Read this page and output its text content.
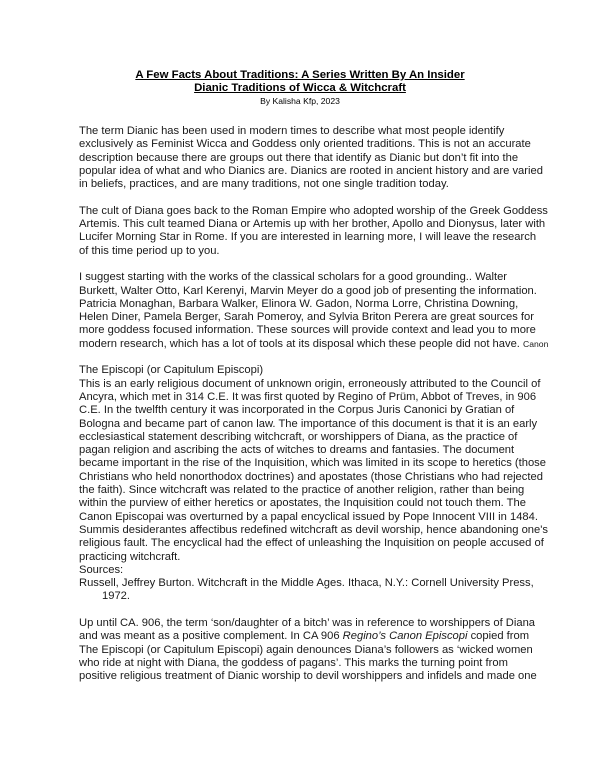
A Few Facts About Traditions: A Series Written By An Insider
Dianic Traditions of Wicca & Witchcraft
By Kalisha Kfp, 2023
The term Dianic has been used in modern times to describe what most people identify
exclusively as Feminist Wicca and Goddess only oriented traditions. This is not an accurate
description because there are groups out there that identify as Dianic but don’t fit into the
popular idea of what and who Dianics are. Dianics are rooted in ancient history and are varied
in beliefs, practices, and are many traditions, not one single tradition today.
The cult of Diana goes back to the Roman Empire who adopted worship of the Greek Goddess
Artemis. This cult teamed Diana or Artemis up with her brother, Apollo and Dionysus, later with
Lucifer Morning Star in Rome. If you are interested in learning more, I will leave the research
of this time period up to you.
I suggest starting with the works of the classical scholars for a good grounding.. Walter
Burkett, Walter Otto, Karl Kerenyi, Marvin Meyer do a good job of presenting the information.
Patricia Monaghan, Barbara Walker, Elinora W. Gadon, Norma Lorre, Christina Downing,
Helen Diner, Pamela Berger, Sarah Pomeroy, and Sylvia Briton Perera are great sources for
more goddess focused information. These sources will provide context and lead you to more
modern research, which has a lot of tools at its disposal which these people did not have. Canon
The Episcopi (or Capitulum Episcopi)
This is an early religious document of unknown origin, erroneously attributed to the Council of
Ancyra, which met in 314 C.E. It was first quoted by Regino of Prüm, Abbot of Treves, in 906
C.E. In the twelfth century it was incorporated in the Corpus Juris Canonici by Gratian of
Bologna and became part of canon law. The importance of this document is that it is an early
ecclesiastical statement describing witchcraft, or worshippers of Diana, as the practice of
pagan religion and ascribing the acts of witches to dreams and fantasies. The document
became important in the rise of the Inquisition, which was limited in its scope to heretics (those
Christians who held nonorthodox doctrines) and apostates (those Christians who had rejected
the faith). Since witchcraft was related to the practice of another religion, rather than being
within the purview of either heretics or apostates, the Inquisition could not touch them. The
Canon Episcopai was overturned by a papal encyclical issued by Pope Innocent VIII in 1484.
Summis desiderantes affectibus redefined witchcraft as devil worship, hence abandoning one's
religious fault. The encyclical had the effect of unleashing the Inquisition on people accused of
practicing witchcraft.
Sources:
Russell, Jeffrey Burton. Witchcraft in the Middle Ages. Ithaca, N.Y.: Cornell University Press,
1972.
Up until CA. 906, the term ‘son/daughter of a bitch’ was in reference to worshippers of Diana
and was meant as a positive complement. In CA 906 Regino’s Canon Episcopi copied from
The Episcopi (or Capitulum Episcopi) again denounces Diana’s followers as ‘wicked women
who ride at night with Diana, the goddess of pagans’. This marks the turning point from
positive religious treatment of Dianic worship to devil worshippers and infidels and made one
